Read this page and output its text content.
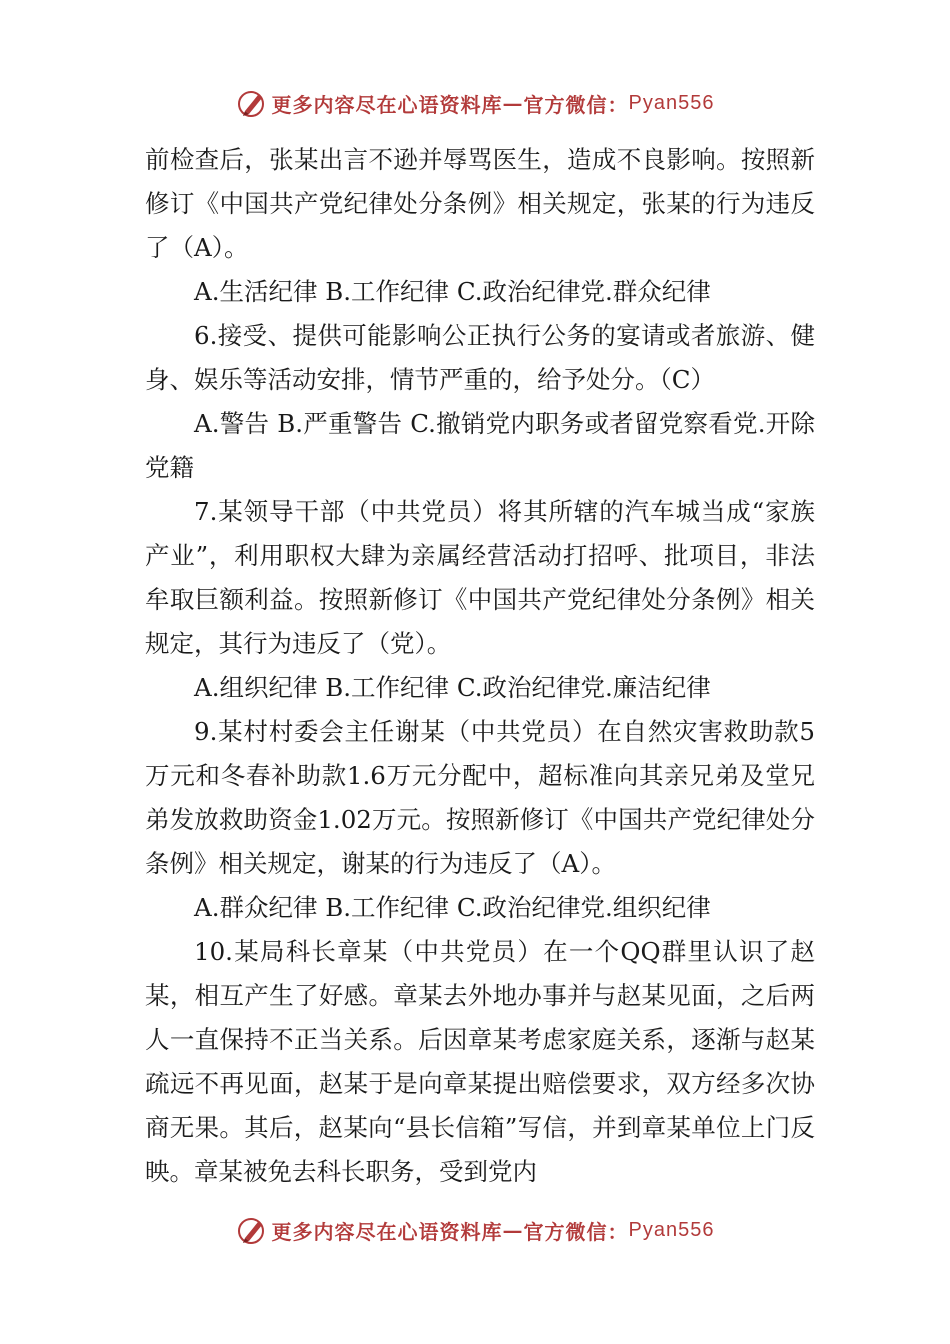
更多内容尽在心语资料库 — 官方微信： Pyan556

前检查后，张某出言不逊并辱骂医生，造成不良影响。按照新修订《中国共产党纪律处分条例》相关规定，张某的行为违反了（A）。

A.生活纪律 B.工作纪律 C.政治纪律党.群众纪律

6.接受、提供可能影响公正执行公务的宴请或者旅游、健身、娱乐等活动安排，情节严重的，给予处分。（C）

A.警告 B.严重警告 C.撤销党内职务或者留党察看党.开除党籍

7.某领导干部（中共党员）将其所辖的汽车城当成“家族产业”，利用职权大肆为亲属经营活动打招呼、批项目，非法牟取巨额利益。按照新修订《中国共产党纪律处分条例》相关规定，其行为违反了（党）。

A.组织纪律 B.工作纪律 C.政治纪律党.廉洁纪律

9.某村村委会主任谢某（中共党员）在自然灾害救助款5万元和冬春补助款1.6万元分配中，超标准向其亲兄弟及堂兄弟发放救助资金1.02万元。按照新修订《中国共产党纪律处分条例》相关规定，谢某的行为违反了（A）。

A.群众纪律 B.工作纪律 C.政治纪律党.组织纪律

10.某局科长章某（中共党员）在一个QQ群里认识了赵某，相互产生了好感。章某去外地办事并与赵某见面，之后两人一直保持不正当关系。后因章某考虑家庭关系，逐渐与赵某疏远不再见面，赵某于是向章某提出赔偿要求，双方经多次协商无果。其后，赵某向“县长信箱”写信，并到章某单位上门反映。章某被免去科长职务，受到党内

更多内容尽在心语资料库 — 官方微信： Pyan556
